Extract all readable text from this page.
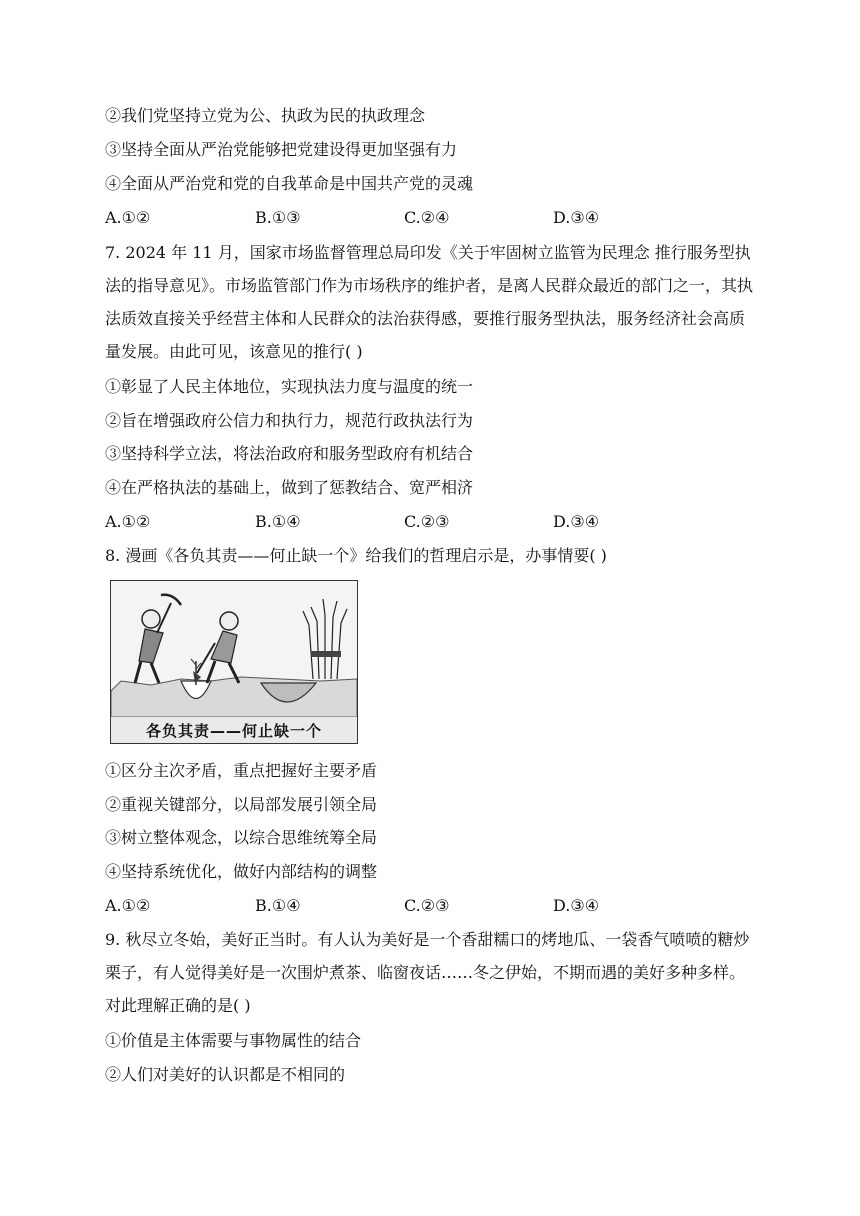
②我们党坚持立党为公、执政为民的执政理念
③坚持全面从严治党能够把党建设得更加坚强有力
④全面从严治党和党的自我革命是中国共产党的灵魂
A.①②	B.①③	C.②④	D.③④
7. 2024 年 11 月，国家市场监督管理总局印发《关于牢固树立监管为民理念 推行服务型执法的指导意见》。市场监管部门作为市场秩序的维护者，是离人民群众最近的部门之一，其执法质效直接关乎经营主体和人民群众的法治获得感，要推行服务型执法，服务经济社会高质量发展。由此可见，该意见的推行( )
①彰显了人民主体地位，实现执法力度与温度的统一
②旨在增强政府公信力和执行力，规范行政执法行为
③坚持科学立法，将法治政府和服务型政府有机结合
④在严格执法的基础上，做到了惩教结合、宽严相济
A.①②	B.①④	C.②③	D.③④
8. 漫画《各负其责——何止缺一个》给我们的哲理启示是，办事情要( )
各负其责——何止缺一个
①区分主次矛盾，重点把握好主要矛盾
②重视关键部分，以局部发展引领全局
③树立整体观念，以综合思维统筹全局
④坚持系统优化，做好内部结构的调整
A.①②	B.①④	C.②③	D.③④
9. 秋尽立冬始，美好正当时。有人认为美好是一个香甜糯口的烤地瓜、一袋香气喷喷的糖炒栗子，有人觉得美好是一次围炉煮茶、临窗夜话……冬之伊始，不期而遇的美好多种多样。对此理解正确的是( )
①价值是主体需要与事物属性的结合
②人们对美好的认识都是不相同的
